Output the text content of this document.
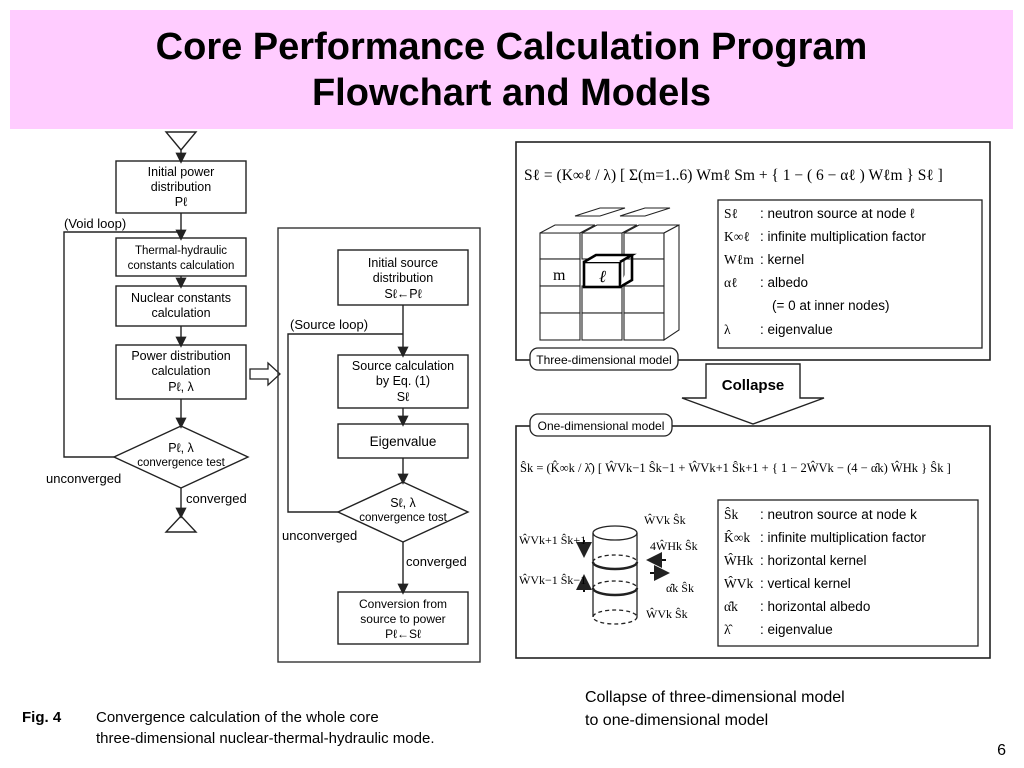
Core Performance Calculation Program
Flowchart and Models
Initial power
distribution
Pℓ
Thermal-hydraulic
constants calculation
Nuclear constants
calculation
Power distribution
calculation
Pℓ, λ
Pℓ, λ
convergence test
(Void loop)
unconverged
converged
Initial source
distribution
Sℓ←Pℓ
Source calculation
by Eq. (1)
Sℓ
Eigenvalue
Sℓ, λ
convergence tost
Conversion from
source to power
Pℓ←Sℓ
(Source loop)
unconverged
converged
Fig. 4 Convergence calculation of the whole core
three-dimensional nuclear-thermal-hydraulic mode.
Sℓ = (K∞ℓ / λ) [ Σ(m=1..6) Wmℓ Sm + { 1 − ( 6 − αℓ ) Wℓm } Sℓ ]
m ℓ
Sℓ : neutron source at node ℓ
K∞ℓ : infinite multiplication factor
Wℓm : kernel
αℓ : albedo
(= 0 at inner nodes)
λ : eigenvalue
Three-dimensional model
Collapse
One-dimensional model
Ŝk = (K̂∞k / λ̂) [ ŴVk−1 Ŝk−1 + ŴVk+1 Ŝk+1 + { 1 − 2ŴVk − (4 − α̂k) ŴHk } Ŝk ]
ŴVk Ŝk
ŴVk Ŝk
ŴVk+1 Ŝk+1
ŴVk−1 Ŝk−1
4ŴHk Ŝk
α̂k Ŝk
Ŝk : neutron source at node k
K̂∞k : infinite multiplication factor
ŴHk : horizontal kernel
ŴVk : vertical kernel
α̂k : horizontal albedo
λ̂ : eigenvalue
Collapse of three-dimensional model
to one-dimensional model
6
